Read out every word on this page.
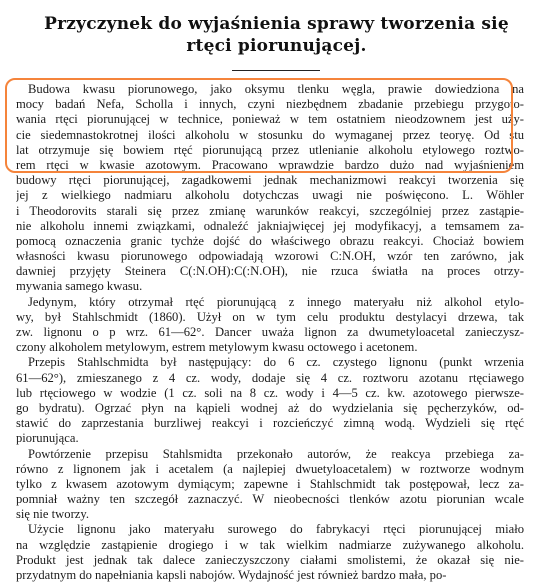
Przyczynek do wyjaśnienia sprawy tworzenia się
rtęci piorunującej.
Budowa kwasu piorunowego, jako oksymu tlenku węgla, prawie dowiedziona na
mocy badań Nefa, Scholla i innych, czyni niezbędnem zbadanie przebiegu przygoto-
wania rtęci piorunującej w technice, ponieważ w tem ostatniem nieodzownem jest uży-
cie siedemnastokrotnej ilości alkoholu w stosunku do wymaganej przez teoryę. Od stu
lat otrzymuje się bowiem rtęć piorunującą przez utlenianie alkoholu etylowego roztwo-
rem rtęci w kwasie azotowym. Pracowano wprawdzie bardzo dużo nad wyjaśnieniem
budowy rtęci piorunującej, zagadkowemi jednak mechanizmowi reakcyi tworzenia się
jej z wielkiego nadmiaru alkoholu dotychczas uwagi nie poświęcono. L. Wöhler
i Theodorovits starali się przez zmianę warunków reakcyi, szczególniej przez zastąpie-
nie alkoholu innemi związkami, odnaleźć jakniajwięcej jej modyfikacyj, a temsamem za-
pomocą oznaczenia granic tychże dojść do właściwego obrazu reakcyi. Chociaż bowiem
własności kwasu piorunowego odpowiadają wzorowi C:N.OH, wzór ten zarówno, jak
dawniej przyjęty Steinera C(:N.OH):C(:N.OH), nie rzuca światła na proces otrzy-
mywania samego kwasu.
Jedynym, który otrzymał rtęć piorunującą z innego materyału niż alkohol etylo-
wy, był Stahlschmidt (1860). Użył on w tym celu produktu destylacyi drzewa, tak
zw. lignonu o p wrz. 61—62°. Dancer uważa lignon za dwumetyloacetal zanieczysz-
czony alkoholem metylowym, estrem metylowym kwasu octowego i acetonem.
Przepis Stahlschmidta był następujący: do 6 cz. czystego lignonu (punkt wrzenia
61—62°), zmieszanego z 4 cz. wody, dodaje się 4 cz. roztworu azotanu rtęciawego
lub rtęciowego w wodzie (1 cz. soli na 8 cz. wody i 4—5 cz. kw. azotowego pierwsze-
go bydratu). Ogrzać płyn na kąpieli wodnej aż do wydzielania się pęcherzyków, od-
stawić do zaprzestania burzliwej reakcyi i rozcieńczyć zimną wodą. Wydzieli się rtęć
piorunująca.
Powtórzenie przepisu Stahlsmidta przekonało autorów, że reakcya przebiega za-
równo z lignonem jak i acetalem (a najlepiej dwuetyloacetalem) w roztworze wodnym
tylko z kwasem azotowym dymiącym; zapewne i Stahlschmidt tak postępował, lecz za-
pomniał ważny ten szczegół zaznaczyć. W nieobecności tlenków azotu piorunian wcale
się nie tworzy.
Użycie lignonu jako materyału surowego do fabrykacyi rtęci piorunującej miało
na względzie zastąpienie drogiego i w tak wielkim nadmiarze zużywanego alkoholu.
Produkt jest jednak tak dalece zanieczyszczony ciałami smolistemi, że okazał się nie-
przydatnym do napełniania kapsli nabojów. Wydajność jest również bardzo mała, po-
